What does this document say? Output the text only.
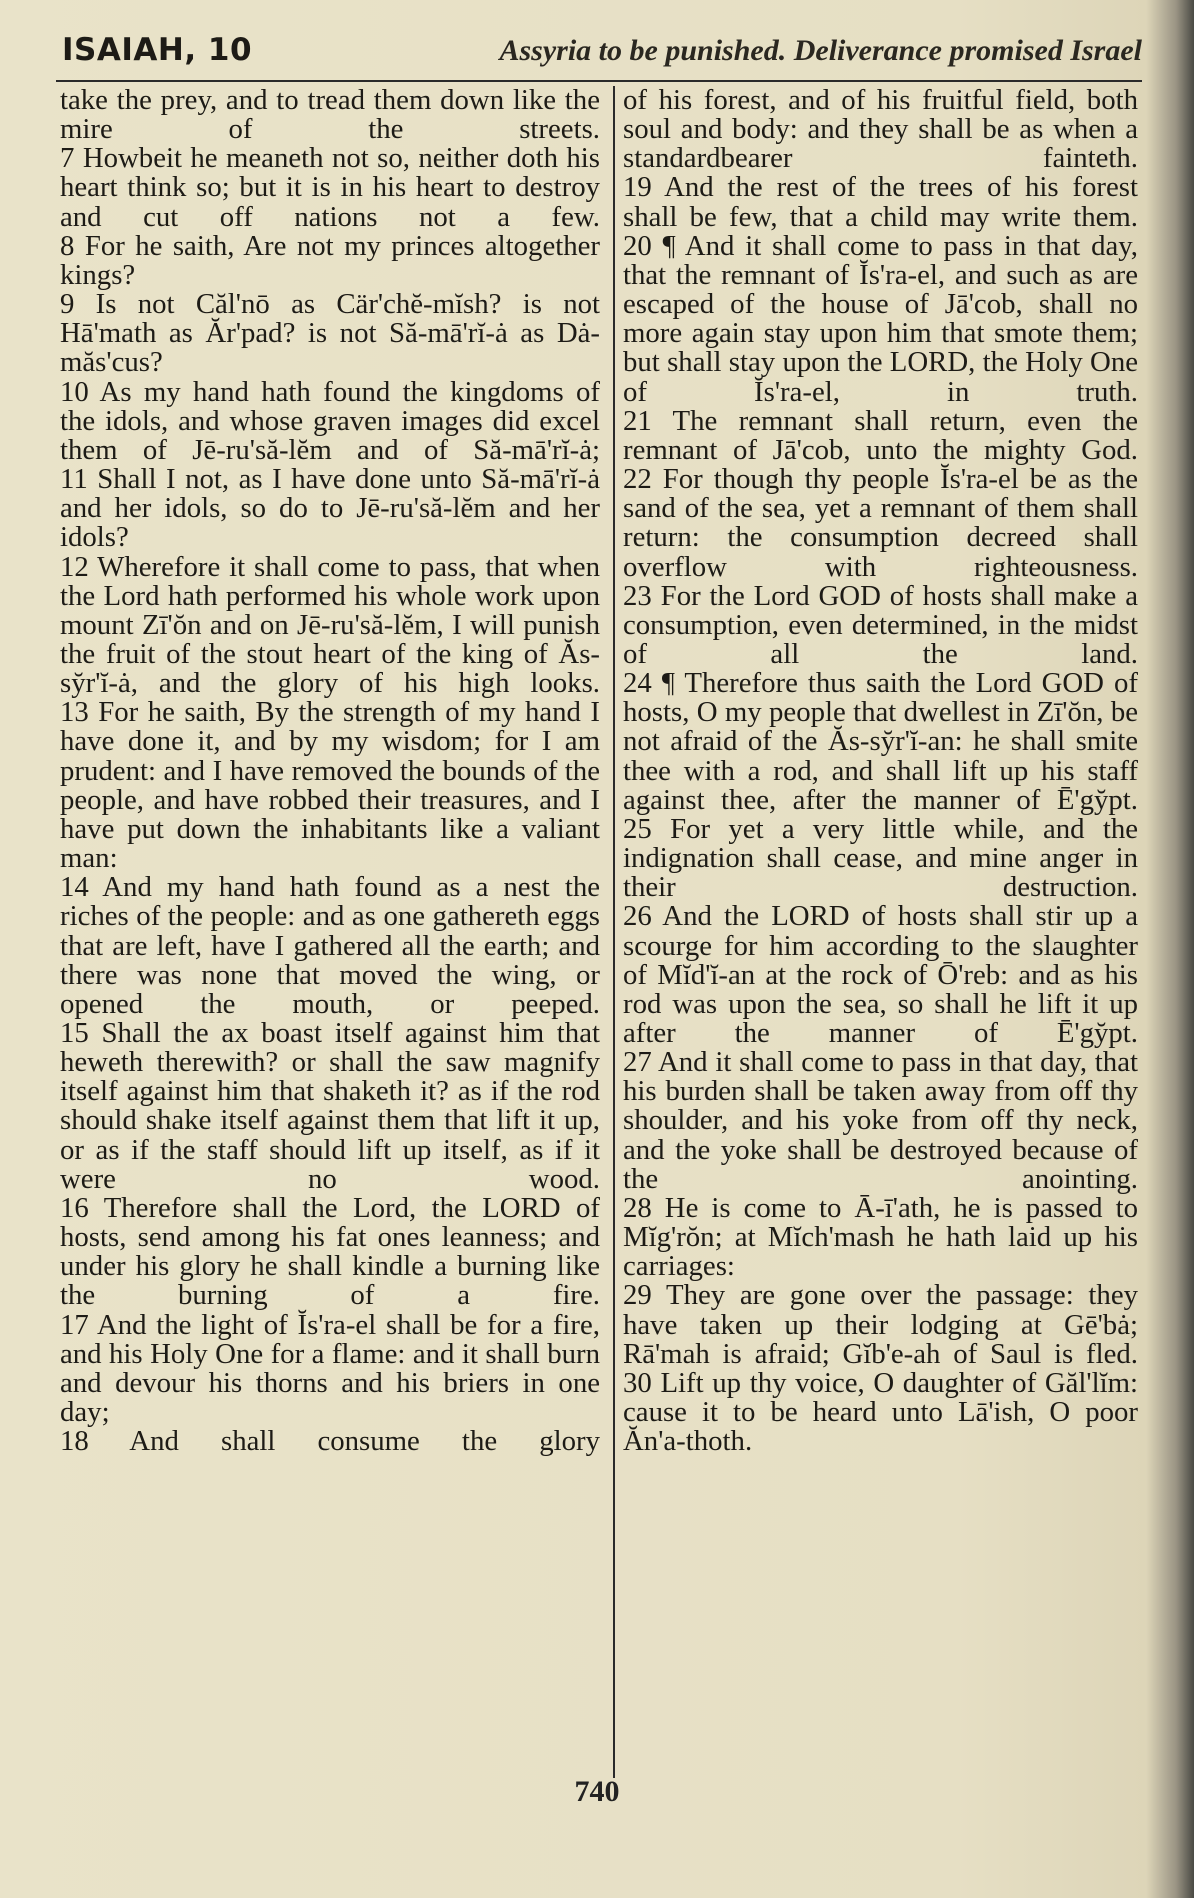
ISAIAH, 10	Assyria to be punished. Deliverance promised Israel

take the prey, and to tread them down like the mire of the streets.

7 Howbeit he meaneth not so, neither doth his heart think so; but it is in his heart to destroy and cut off nations not a few.

8 For he saith, Are not my princes altogether kings?

9 Is not Căl'nō as Cär'chĕ-mĭsh? is not Hā'math as Ăr'pad? is not Să-mā'rĭ-ȧ as Dȧ-măs'cus?

10 As my hand hath found the kingdoms of the idols, and whose graven images did excel them of Jē-ru'să-lĕm and of Să-mā'rĭ-ȧ;

11 Shall I not, as I have done unto Să-mā'rĭ-ȧ and her idols, so do to Jē-ru'să-lĕm and her idols?

12 Wherefore it shall come to pass, that when the Lord hath performed his whole work upon mount Zī'ŏn and on Jē-ru'să-lĕm, I will punish the fruit of the stout heart of the king of Ăs-sy̆r'ĭ-ȧ, and the glory of his high looks.

13 For he saith, By the strength of my hand I have done it, and by my wisdom; for I am prudent: and I have removed the bounds of the people, and have robbed their treasures, and I have put down the inhabitants like a valiant man:

14 And my hand hath found as a nest the riches of the people: and as one gathereth eggs that are left, have I gathered all the earth; and there was none that moved the wing, or opened the mouth, or peeped.

15 Shall the ax boast itself against him that heweth therewith? or shall the saw magnify itself against him that shaketh it? as if the rod should shake itself against them that lift it up, or as if the staff should lift up itself, as if it were no wood.

16 Therefore shall the Lord, the LORD of hosts, send among his fat ones leanness; and under his glory he shall kindle a burning like the burning of a fire.

17 And the light of Ĭs'ra-el shall be for a fire, and his Holy One for a flame: and it shall burn and devour his thorns and his briers in one day;

18 And shall consume the glory

of his forest, and of his fruitful field, both soul and body: and they shall be as when a standardbearer fainteth.

19 And the rest of the trees of his forest shall be few, that a child may write them.

20 ¶ And it shall come to pass in that day, that the remnant of Ĭs'ra-el, and such as are escaped of the house of Jā'cob, shall no more again stay upon him that smote them; but shall stay upon the LORD, the Holy One of Ĭs'ra-el, in truth.

21 The remnant shall return, even the remnant of Jā'cob, unto the mighty God.

22 For though thy people Ĭs'ra-el be as the sand of the sea, yet a remnant of them shall return: the consumption decreed shall overflow with righteousness.

23 For the Lord GOD of hosts shall make a consumption, even determined, in the midst of all the land.

24 ¶ Therefore thus saith the Lord GOD of hosts, O my people that dwellest in Zī'ŏn, be not afraid of the Ăs-sy̆r'ĭ-an: he shall smite thee with a rod, and shall lift up his staff against thee, after the manner of Ē'gy̆pt.

25 For yet a very little while, and the indignation shall cease, and mine anger in their destruction.

26 And the LORD of hosts shall stir up a scourge for him according to the slaughter of Mĭd'ĭ-an at the rock of Ō'reb: and as his rod was upon the sea, so shall he lift it up after the manner of Ē'gy̆pt.

27 And it shall come to pass in that day, that his burden shall be taken away from off thy shoulder, and his yoke from off thy neck, and the yoke shall be destroyed because of the anointing.

28 He is come to Ā-ī'ath, he is passed to Mĭg'rŏn; at Mĭch'mash he hath laid up his carriages:

29 They are gone over the passage: they have taken up their lodging at Gē'bȧ; Rā'mah is afraid; Gĭb'e-ah of Saul is fled.

30 Lift up thy voice, O daughter of Găl'lĭm: cause it to be heard unto Lā'ish, O poor Ăn'a-thoth.

740
